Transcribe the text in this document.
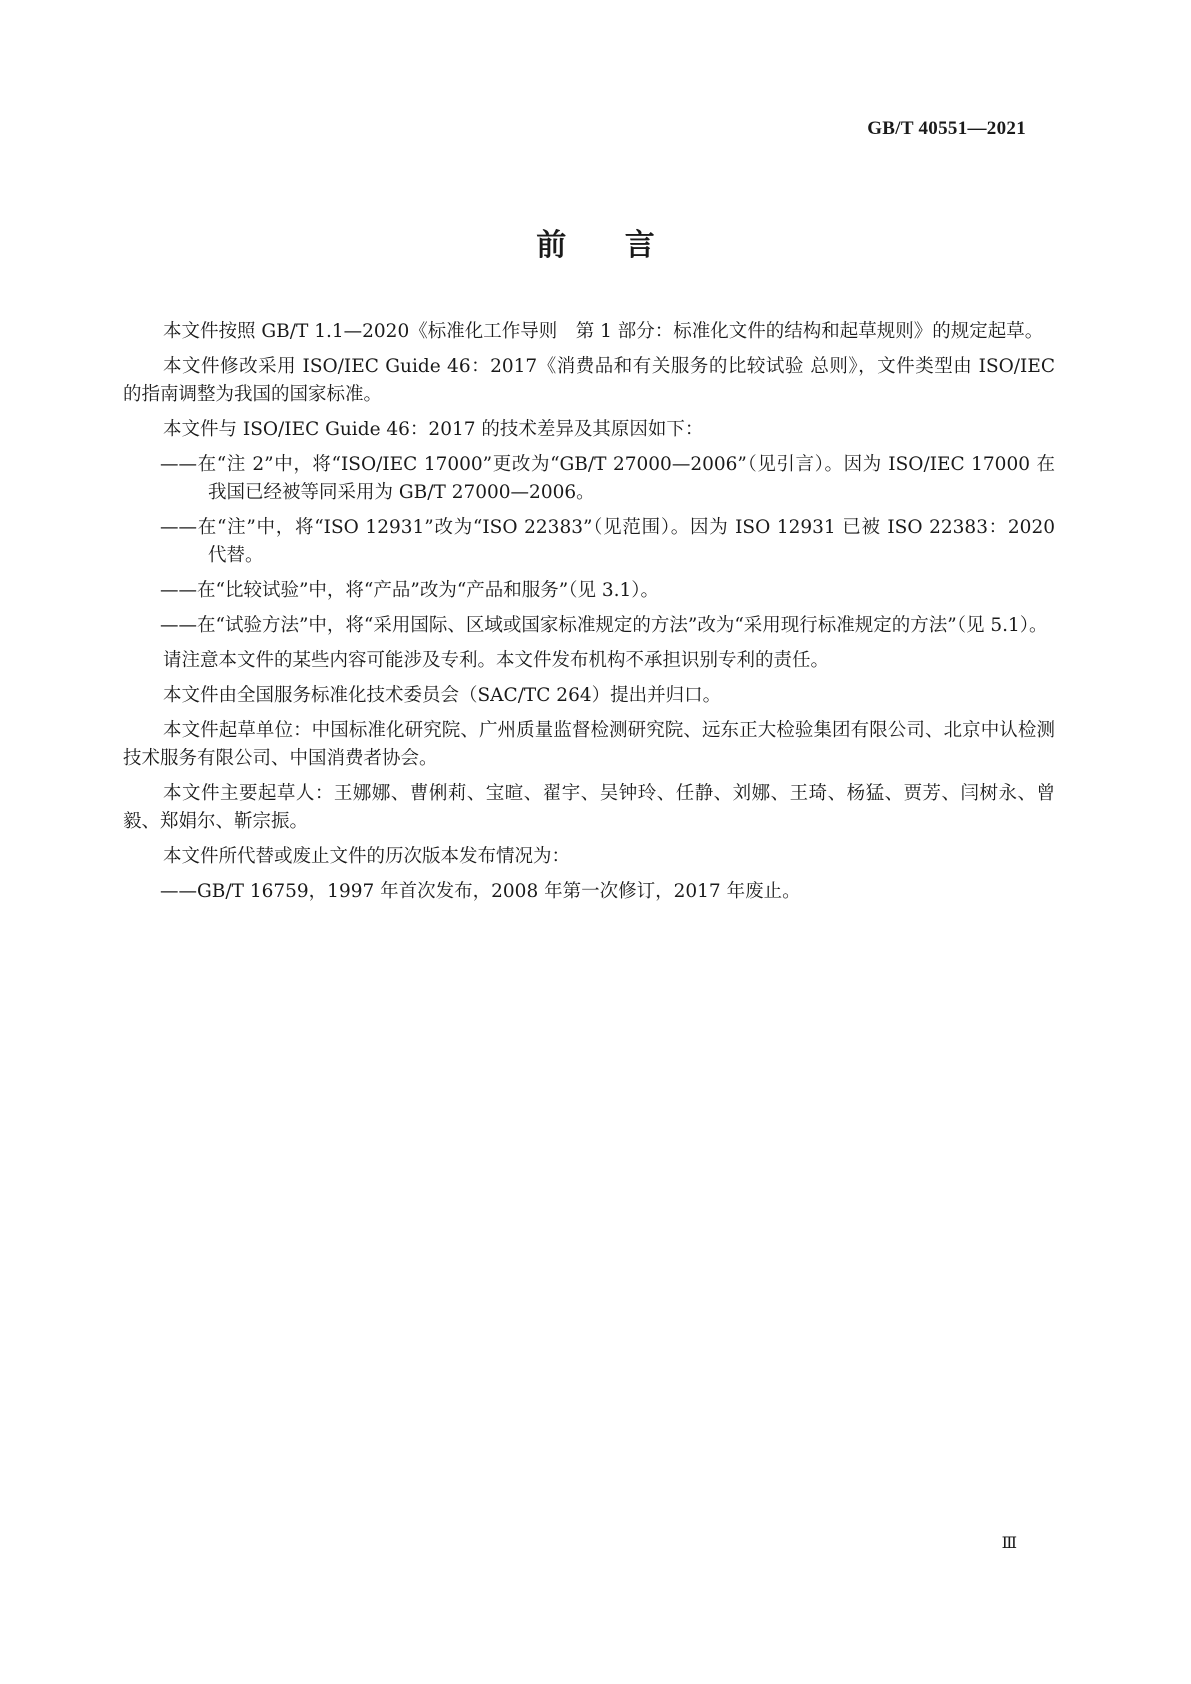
GB/T 40551—2021
前 言

本文件按照 GB/T 1.1—2020《标准化工作导则　第 1 部分：标准化文件的结构和起草规则》的规定起草。

本文件修改采用 ISO/IEC Guide 46：2017《消费品和有关服务的比较试验 总则》，文件类型由 ISO/IEC 的指南调整为我国的国家标准。

本文件与 ISO/IEC Guide 46：2017 的技术差异及其原因如下：

——在“注 2”中，将“ISO/IEC 17000”更改为“GB/T 27000—2006”（见引言）。因为 ISO/IEC 17000 在我国已经被等同采用为 GB/T 27000—2006。

——在“注”中，将“ISO 12931”改为“ISO 22383”（见范围）。因为 ISO 12931 已被 ISO 22383：2020 代替。

——在“比较试验”中，将“产品”改为“产品和服务”（见 3.1）。

——在“试验方法”中，将“采用国际、区域或国家标准规定的方法”改为“采用现行标准规定的方法”（见 5.1）。

请注意本文件的某些内容可能涉及专利。本文件发布机构不承担识别专利的责任。

本文件由全国服务标准化技术委员会（SAC/TC 264）提出并归口。

本文件起草单位：中国标准化研究院、广州质量监督检测研究院、远东正大检验集团有限公司、北京中认检测技术服务有限公司、中国消费者协会。

本文件主要起草人：王娜娜、曹俐莉、宝暄、翟宇、吴钟玲、任静、刘娜、王琦、杨猛、贾芳、闫树永、曾毅、郑娟尔、靳宗振。

本文件所代替或废止文件的历次版本发布情况为：

——GB/T 16759，1997 年首次发布，2008 年第一次修订，2017 年废止。

Ⅲ
